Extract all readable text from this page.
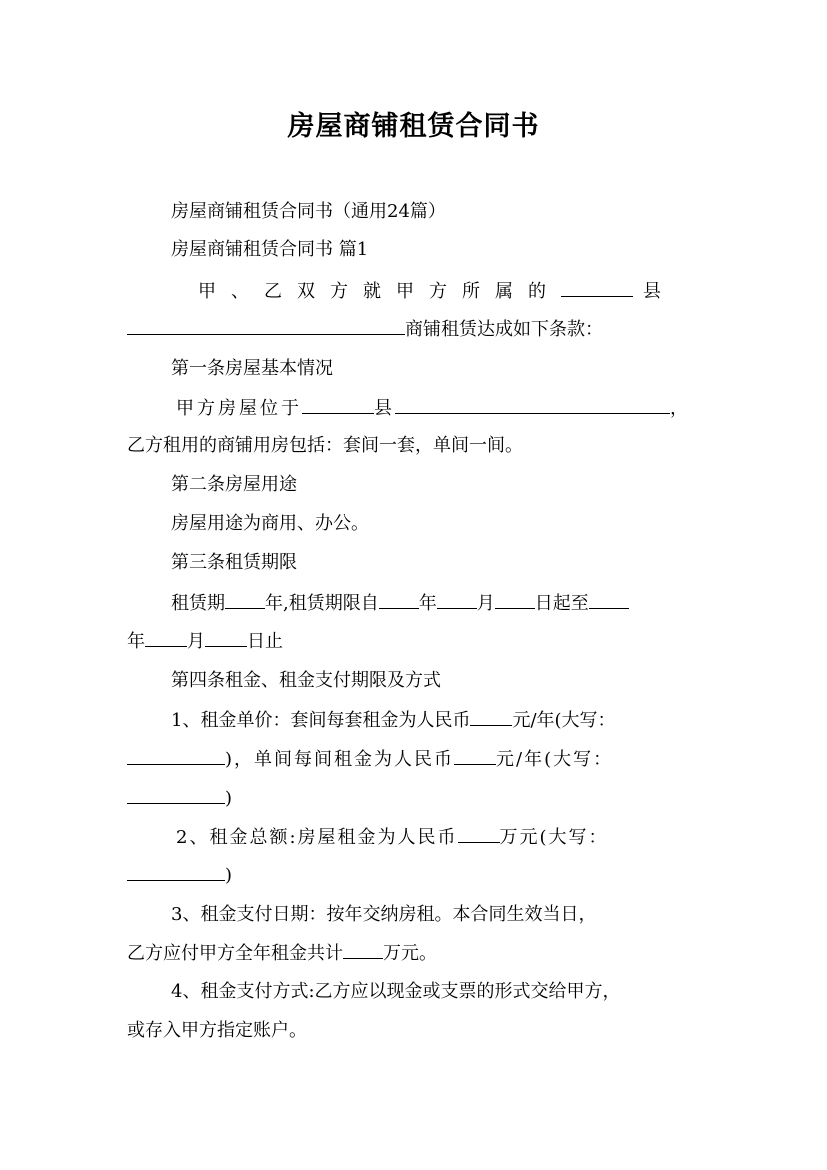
房屋商铺租赁合同书
房屋商铺租赁合同书（通用24篇）
房屋商铺租赁合同书 篇1
甲、乙双方就甲方所属的	县
商铺租赁达成如下条款：
第一条房屋基本情况
甲方房屋位于	县	，
乙方租用的商铺用房包括：套间一套，单间一间。
第二条房屋用途
房屋用途为商用、办公。
第三条租赁期限
租赁期 年,租赁期限自 年 月 日起至
年 月 日止
第四条租金、租金支付期限及方式
1、租金单价：套间每套租金为人民币 元/年(大写：
)，单间每间租金为人民币 元/年(大写：
)
2、租金总额:房屋租金为人民币 万元(大写：
)
3、租金支付日期：按年交纳房租。本合同生效当日，
乙方应付甲方全年租金共计 万元。
4、租金支付方式:乙方应以现金或支票的形式交给甲方，
或存入甲方指定账户。
